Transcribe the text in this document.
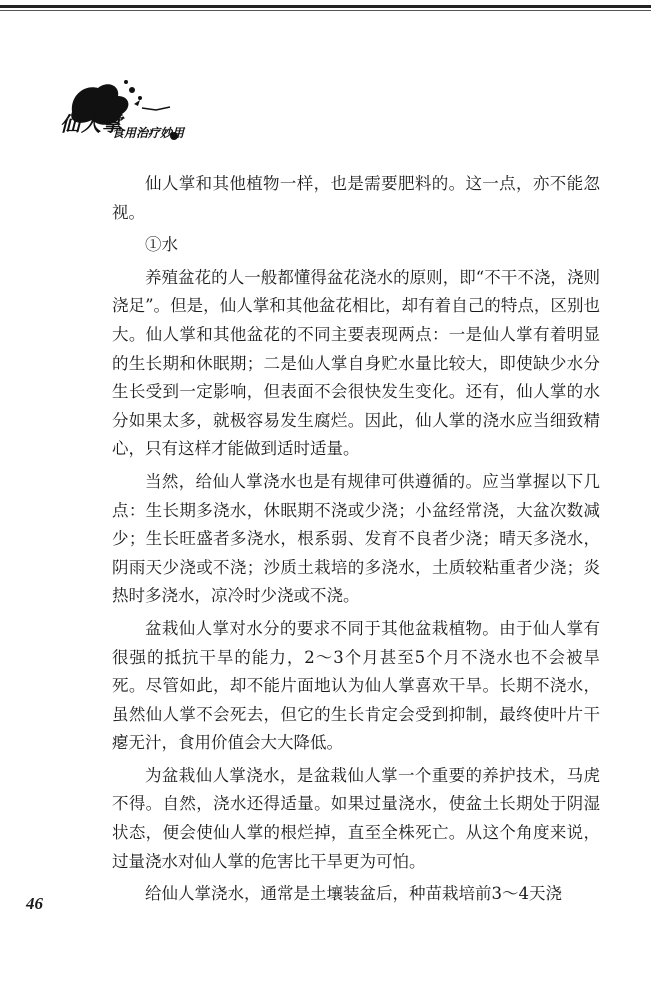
仙人掌
食用治疗妙用

仙人掌和其他植物一样，也是需要肥料的。这一点，亦不能忽视。

①水

养殖盆花的人一般都懂得盆花浇水的原则，即“不干不浇，浇则浇足”。但是，仙人掌和其他盆花相比，却有着自己的特点，区别也大。仙人掌和其他盆花的不同主要表现两点：一是仙人掌有着明显的生长期和休眠期；二是仙人掌自身贮水量比较大，即使缺少水分生长受到一定影响，但表面不会很快发生变化。还有，仙人掌的水分如果太多，就极容易发生腐烂。因此，仙人掌的浇水应当细致精心，只有这样才能做到适时适量。

当然，给仙人掌浇水也是有规律可供遵循的。应当掌握以下几点：生长期多浇水，休眠期不浇或少浇；小盆经常浇，大盆次数减少；生长旺盛者多浇水，根系弱、发育不良者少浇；晴天多浇水，阴雨天少浇或不浇；沙质土栽培的多浇水，土质较粘重者少浇；炎热时多浇水，凉冷时少浇或不浇。

盆栽仙人掌对水分的要求不同于其他盆栽植物。由于仙人掌有很强的抵抗干旱的能力，2～3个月甚至5个月不浇水也不会被旱死。尽管如此，却不能片面地认为仙人掌喜欢干旱。长期不浇水，虽然仙人掌不会死去，但它的生长肯定会受到抑制，最终使叶片干瘪无汁，食用价值会大大降低。

为盆栽仙人掌浇水，是盆栽仙人掌一个重要的养护技术，马虎不得。自然，浇水还得适量。如果过量浇水，使盆土长期处于阴湿状态，便会使仙人掌的根烂掉，直至全株死亡。从这个角度来说，过量浇水对仙人掌的危害比干旱更为可怕。

给仙人掌浇水，通常是土壤装盆后，种苗栽培前3～4天浇

46
